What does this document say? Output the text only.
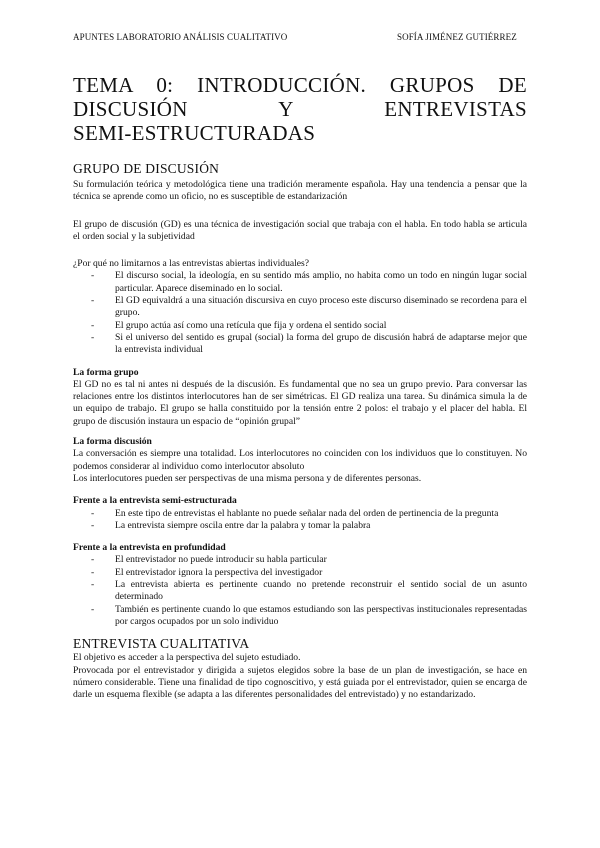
APUNTES LABORATORIO ANÁLISIS CUALITATIVO	SOFÍA JIMÉNEZ GUTIÉRREZ
TEMA 0: INTRODUCCIÓN. GRUPOS DE
DISCUSIÓN Y ENTREVISTAS
SEMI-ESTRUCTURADAS
GRUPO DE DISCUSIÓN

Su formulación teórica y metodológica tiene una tradición meramente española. Hay una tendencia a pensar que la técnica se aprende como un oficio, no es susceptible de estandarización

El grupo de discusión (GD) es una técnica de investigación social que trabaja con el habla. En todo habla se articula el orden social y la subjetividad

¿Por qué no limitarnos a las entrevistas abiertas individuales?

- El discurso social, la ideología, en su sentido más amplio, no habita como un todo en ningún lugar social particular. Aparece diseminado en lo social.
- El GD equivaldrá a una situación discursiva en cuyo proceso este discurso diseminado se recordena para el grupo.
- El grupo actúa así como una retícula que fija y ordena el sentido social
- Si el universo del sentido es grupal (social) la forma del grupo de discusión habrá de adaptarse mejor que la entrevista individual
La forma grupo

El GD no es tal ni antes ni después de la discusión. Es fundamental que no sea un grupo previo. Para conversar las relaciones entre los distintos interlocutores han de ser simétricas. El GD realiza una tarea. Su dinámica simula la de un equipo de trabajo. El grupo se halla constituido por la tensión entre 2 polos: el trabajo y el placer del habla. El grupo de discusión instaura un espacio de “opinión grupal”

La forma discusión

La conversación es siempre una totalidad. Los interlocutores no coinciden con los individuos que lo constituyen. No podemos considerar al individuo como interlocutor absoluto

Los interlocutores pueden ser perspectivas de una misma persona y de diferentes personas.

Frente a la entrevista semi-estructurada
- En este tipo de entrevistas el hablante no puede señalar nada del orden de pertinencia de la pregunta
- La entrevista siempre oscila entre dar la palabra y tomar la palabra
Frente a la entrevista en profundidad
- El entrevistador no puede introducir su habla particular
- El entrevistador ignora la perspectiva del investigador
- La entrevista abierta es pertinente cuando no pretende reconstruir el sentido social de un asunto determinado
- También es pertinente cuando lo que estamos estudiando son las perspectivas institucionales representadas por cargos ocupados por un solo individuo
ENTREVISTA CUALITATIVA

El objetivo es acceder a la perspectiva del sujeto estudiado.

Provocada por el entrevistador y dirigida a sujetos elegidos sobre la base de un plan de investigación, se hace en número considerable. Tiene una finalidad de tipo cognoscitivo, y está guiada por el entrevistador, quien se encarga de darle un esquema flexible (se adapta a las diferentes personalidades del entrevistado) y no estandarizado.
